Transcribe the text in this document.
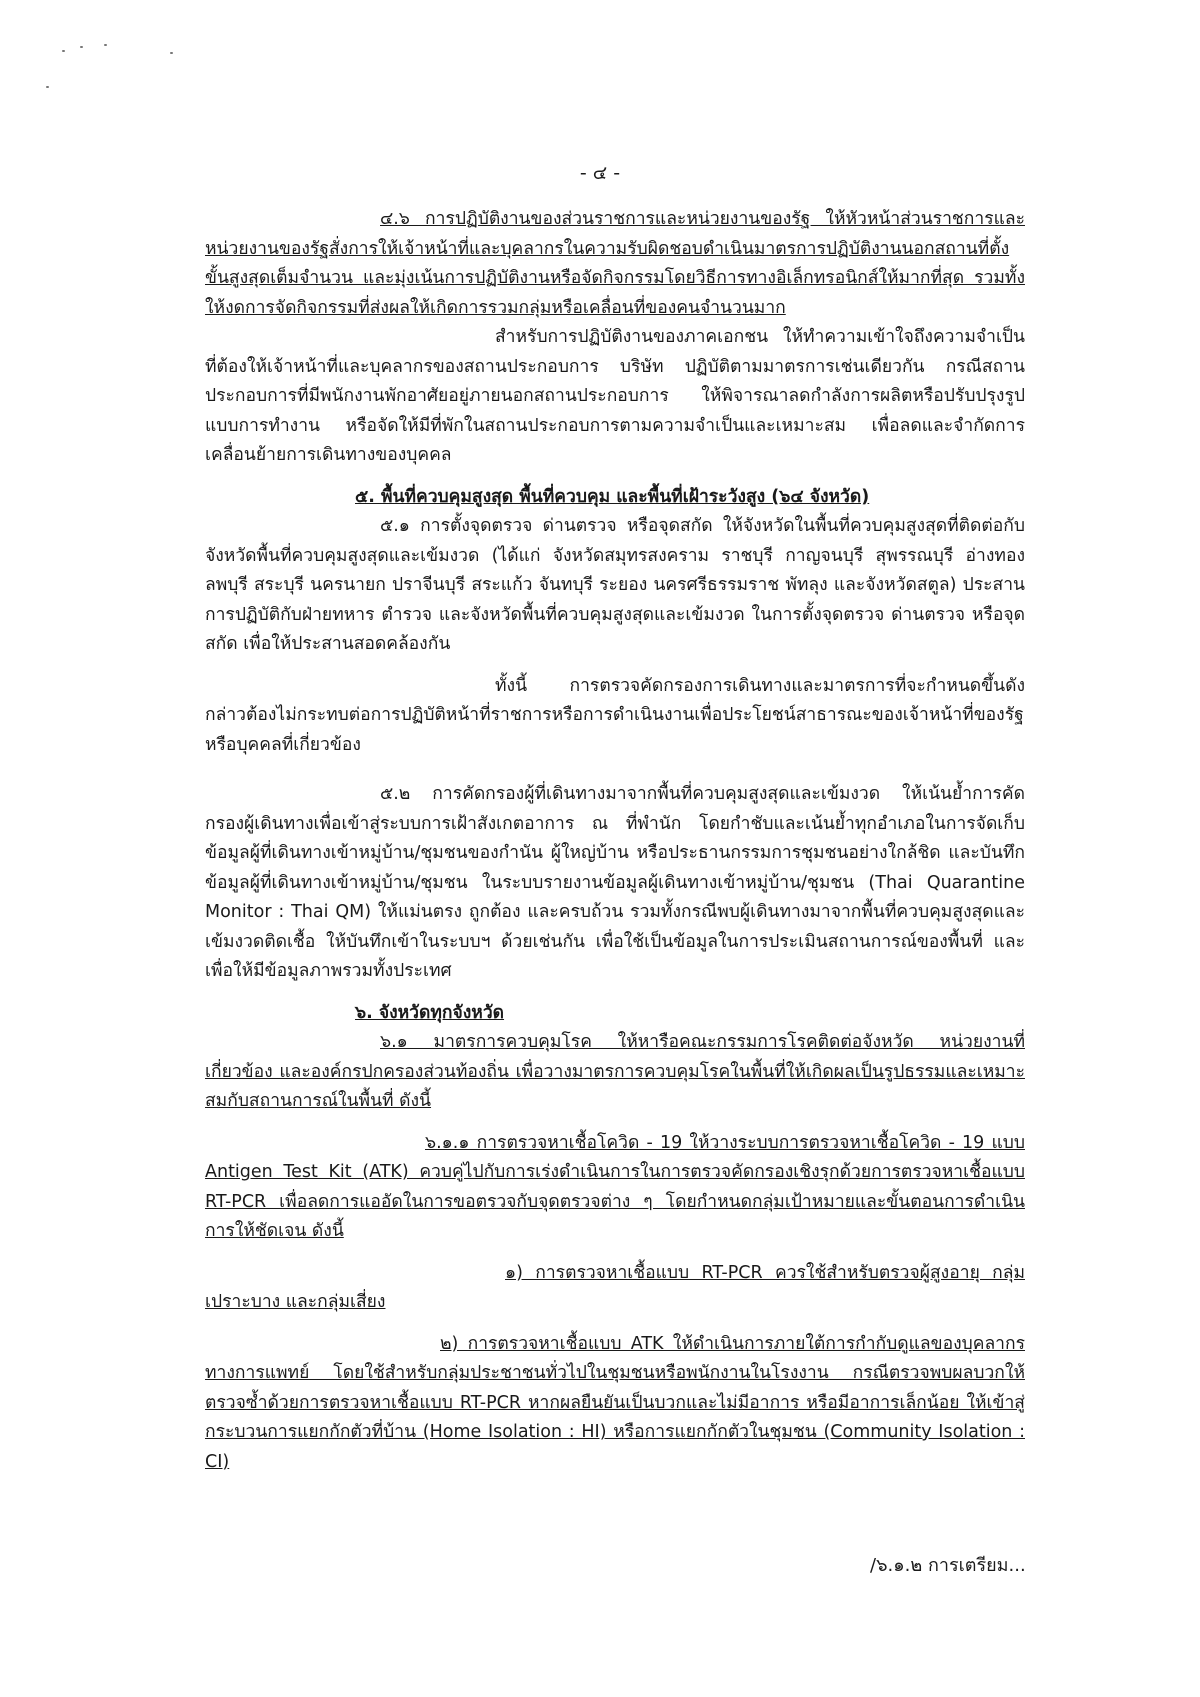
- ๔ -

๔.๖ การปฏิบัติงานของส่วนราชการและหน่วยงานของรัฐ ให้หัวหน้าส่วนราชการและหน่วยงานของรัฐสั่งการให้เจ้าหน้าที่และบุคลากรในความรับผิดชอบดำเนินมาตรการปฏิบัติงานนอกสถานที่ตั้งขั้นสูงสุดเต็มจำนวน และมุ่งเน้นการปฏิบัติงานหรือจัดกิจกรรมโดยวิธีการทางอิเล็กทรอนิกส์ให้มากที่สุด รวมทั้งให้งดการจัดกิจกรรมที่ส่งผลให้เกิดการรวมกลุ่มหรือเคลื่อนที่ของคนจำนวนมาก

สำหรับการปฏิบัติงานของภาคเอกชน ให้ทำความเข้าใจถึงความจำเป็นที่ต้องให้เจ้าหน้าที่และบุคลากรของสถานประกอบการ บริษัท ปฏิบัติตามมาตรการเช่นเดียวกัน กรณีสถานประกอบการที่มีพนักงานพักอาศัยอยู่ภายนอกสถานประกอบการ ให้พิจารณาลดกำลังการผลิตหรือปรับปรุงรูปแบบการทำงาน หรือจัดให้มีที่พักในสถานประกอบการตามความจำเป็นและเหมาะสม เพื่อลดและจำกัดการเคลื่อนย้ายการเดินทางของบุคคล

๕. พื้นที่ควบคุมสูงสุด พื้นที่ควบคุม และพื้นที่เฝ้าระวังสูง (๖๔ จังหวัด)

๕.๑ การตั้งจุดตรวจ ด่านตรวจ หรือจุดสกัด ให้จังหวัดในพื้นที่ควบคุมสูงสุดที่ติดต่อกับจังหวัดพื้นที่ควบคุมสูงสุดและเข้มงวด (ได้แก่ จังหวัดสมุทรสงคราม ราชบุรี กาญจนบุรี สุพรรณบุรี อ่างทอง ลพบุรี สระบุรี นครนายก ปราจีนบุรี สระแก้ว จันทบุรี ระยอง นครศรีธรรมราช พัทลุง และจังหวัดสตูล) ประสานการปฏิบัติกับฝ่ายทหาร ตำรวจ และจังหวัดพื้นที่ควบคุมสูงสุดและเข้มงวด ในการตั้งจุดตรวจ ด่านตรวจ หรือจุดสกัด เพื่อให้ประสานสอดคล้องกัน

ทั้งนี้ การตรวจคัดกรองการเดินทางและมาตรการที่จะกำหนดขึ้นดังกล่าวต้องไม่กระทบต่อการปฏิบัติหน้าที่ราชการหรือการดำเนินงานเพื่อประโยชน์สาธารณะของเจ้าหน้าที่ของรัฐหรือบุคคลที่เกี่ยวข้อง

๕.๒ การคัดกรองผู้ที่เดินทางมาจากพื้นที่ควบคุมสูงสุดและเข้มงวด ให้เน้นย้ำการคัดกรองผู้เดินทางเพื่อเข้าสู่ระบบการเฝ้าสังเกตอาการ ณ ที่พำนัก โดยกำชับและเน้นย้ำทุกอำเภอในการจัดเก็บข้อมูลผู้ที่เดินทางเข้าหมู่บ้าน/ชุมชนของกำนัน ผู้ใหญ่บ้าน หรือประธานกรรมการชุมชนอย่างใกล้ชิด และบันทึกข้อมูลผู้ที่เดินทางเข้าหมู่บ้าน/ชุมชน ในระบบรายงานข้อมูลผู้เดินทางเข้าหมู่บ้าน/ชุมชน (Thai Quarantine Monitor : Thai QM) ให้แม่นตรง ถูกต้อง และครบถ้วน รวมทั้งกรณีพบผู้เดินทางมาจากพื้นที่ควบคุมสูงสุดและเข้มงวดติดเชื้อ ให้บันทึกเข้าในระบบฯ ด้วยเช่นกัน เพื่อใช้เป็นข้อมูลในการประเมินสถานการณ์ของพื้นที่ และเพื่อให้มีข้อมูลภาพรวมทั้งประเทศ

๖. จังหวัดทุกจังหวัด

๖.๑ มาตรการควบคุมโรค ให้หารือคณะกรรมการโรคติดต่อจังหวัด หน่วยงานที่เกี่ยวข้อง และองค์กรปกครองส่วนท้องถิ่น เพื่อวางมาตรการควบคุมโรคในพื้นที่ให้เกิดผลเป็นรูปธรรมและเหมาะสมกับสถานการณ์ในพื้นที่ ดังนี้

๖.๑.๑ การตรวจหาเชื้อโควิด - 19 ให้วางระบบการตรวจหาเชื้อโควิด - 19 แบบ Antigen Test Kit (ATK) ควบคู่ไปกับการเร่งดำเนินการในการตรวจคัดกรองเชิงรุกด้วยการตรวจหาเชื้อแบบ RT-PCR เพื่อลดการแออัดในการขอตรวจกับจุดตรวจต่าง ๆ โดยกำหนดกลุ่มเป้าหมายและขั้นตอนการดำเนินการให้ชัดเจน ดังนี้

๑) การตรวจหาเชื้อแบบ RT-PCR ควรใช้สำหรับตรวจผู้สูงอายุ กลุ่มเปราะบาง และกลุ่มเสี่ยง

๒) การตรวจหาเชื้อแบบ ATK ให้ดำเนินการภายใต้การกำกับดูแลของบุคลากรทางการแพทย์ โดยใช้สำหรับกลุ่มประชาชนทั่วไปในชุมชนหรือพนักงานในโรงงาน กรณีตรวจพบผลบวกให้ตรวจซ้ำด้วยการตรวจหาเชื้อแบบ RT-PCR หากผลยืนยันเป็นบวกและไม่มีอาการ หรือมีอาการเล็กน้อย ให้เข้าสู่กระบวนการแยกกักตัวที่บ้าน (Home Isolation : HI) หรือการแยกกักตัวในชุมชน (Community Isolation : CI)

/๖.๑.๒ การเตรียม...
